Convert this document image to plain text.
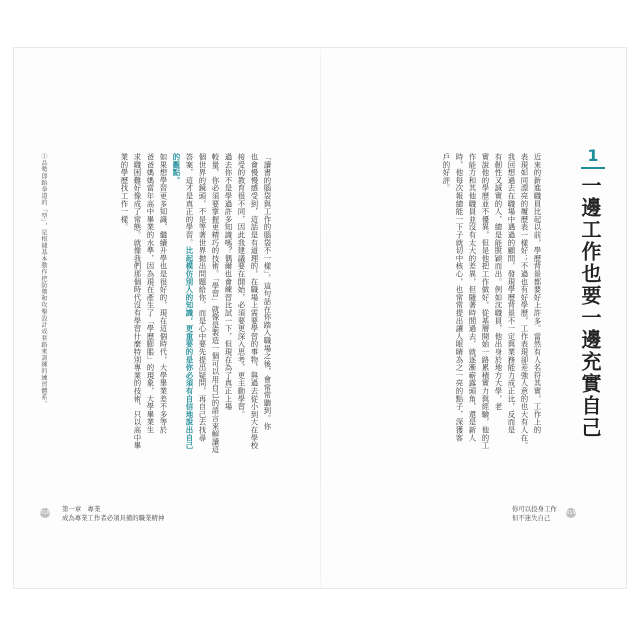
1
一邊工作也要一邊充實自己
019
你可以投身工作
但不迷失自己
答案，這才是真正的學習。比起模仿別人的知識，更重要的是你必須有自信地說出自己
018 第一章　專業
成為專業工作者必須具備的職業精神
